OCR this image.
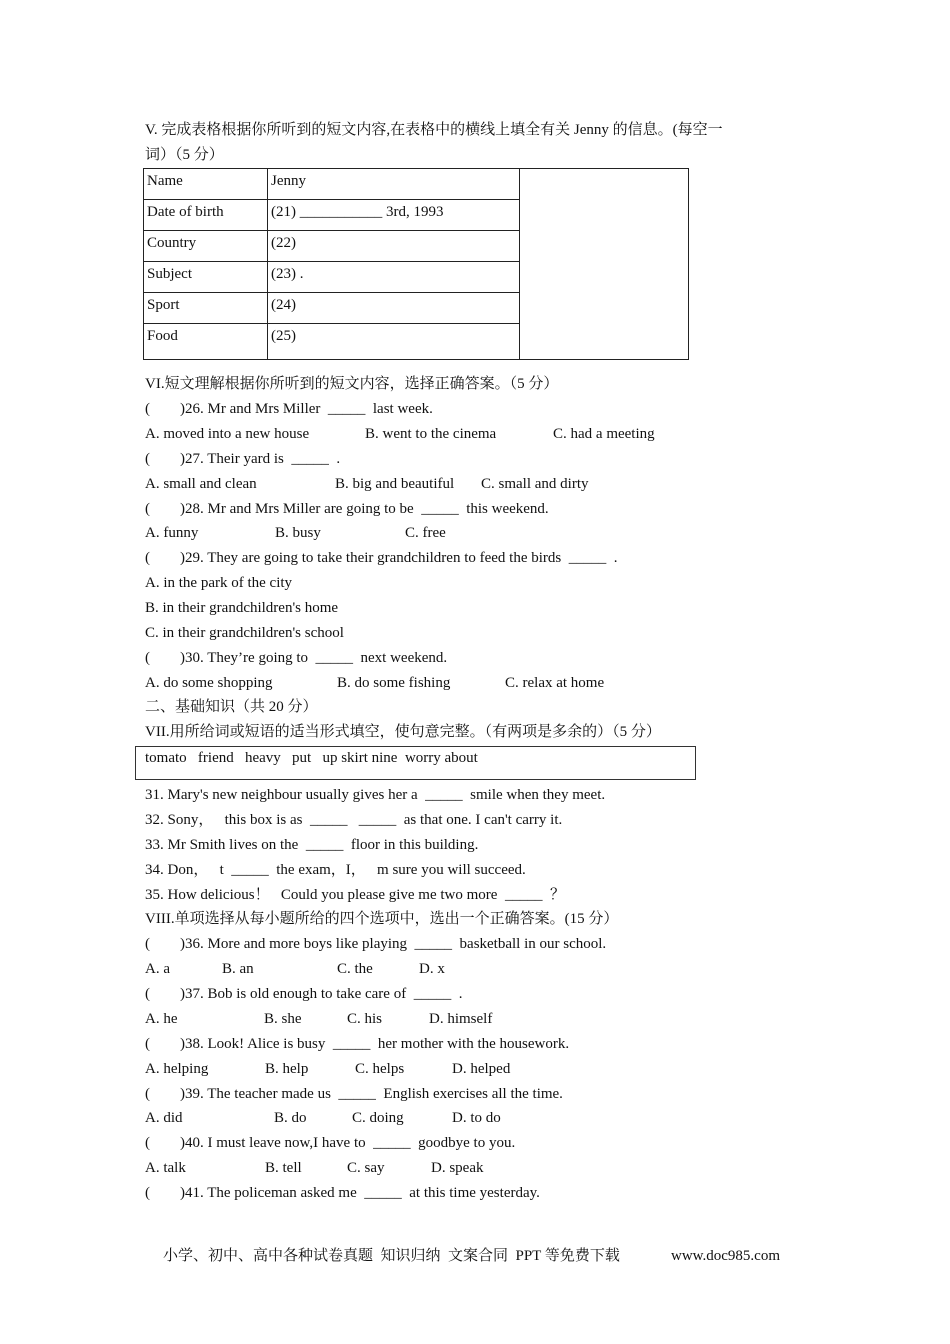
V. 完成表格根据你所听到的短文内容,在表格中的横线上填全有关 Jenny 的信息。(每空一
词）（5 分）
Name	Jenny	
Date of birth	(21) ___________ 3rd, 1993	
Country	(22)	
Subject	(23) .	
Sport	(24)	
Food	(25)	
VI.短文理解根据你所听到的短文内容，选择正确答案。（5 分）
(        )26. Mr and Mrs Miller  _____  last week.
A. moved into a new house	B. went to the cinema	C. had a meeting
(        )27. Their yard is  _____  .
A. small and clean	B. big and beautiful C. small and dirty
(        )28. Mr and Mrs Miller are going to be  _____  this weekend.
A. funny	B. busy	C. free
(        )29. They are going to take their grandchildren to feed the birds  _____  .
A. in the park of the city
B. in their grandchildren's home
C. in their grandchildren's school
(        )30. They’re going to  _____  next weekend.
A. do some shopping	B. do some fishing	C. relax at home
二、基础知识（共 20 分）
VII.用所给词或短语的适当形式填空，使句意完整。（有两项是多余的）（5 分）
tomato   friend   heavy   put   up skirt nine  worry about
31. Mary's new neighbour usually gives her a  _____  smile when they meet.
32. Sony，   this box is as  _____   _____  as that one. I can't carry it.
33. Mr Smith lives on the  _____  floor in this building.
34. Don，   t  _____  the exam，I，   m sure you will succeed.
35. How delicious！   Could you please give me two more  _____  ？
VIII.单项选择从每小题所给的四个选项中，选出一个正确答案。(15 分）
(        )36. More and more boys like playing  _____  basketball in our school.
A. a	B. an	C. the	D. x
(        )37. Bob is old enough to take care of  _____  .
A. he	B. she	C. his	D. himself
(        )38. Look! Alice is busy  _____  her mother with the housework.
A. helping	B. help	C. helps	D. helped
(        )39. The teacher made us  _____  English exercises all the time.
A. did	B. do	C. doing	D. to do
(        )40. I must leave now,I have to  _____  goodbye to you.
A. talk	B. tell	C. say	D. speak
(        )41. The policeman asked me  _____  at this time yesterday.
小学、初中、高中各种试卷真题  知识归纳  文案合同  PPT 等免费下载	www.doc985.com
